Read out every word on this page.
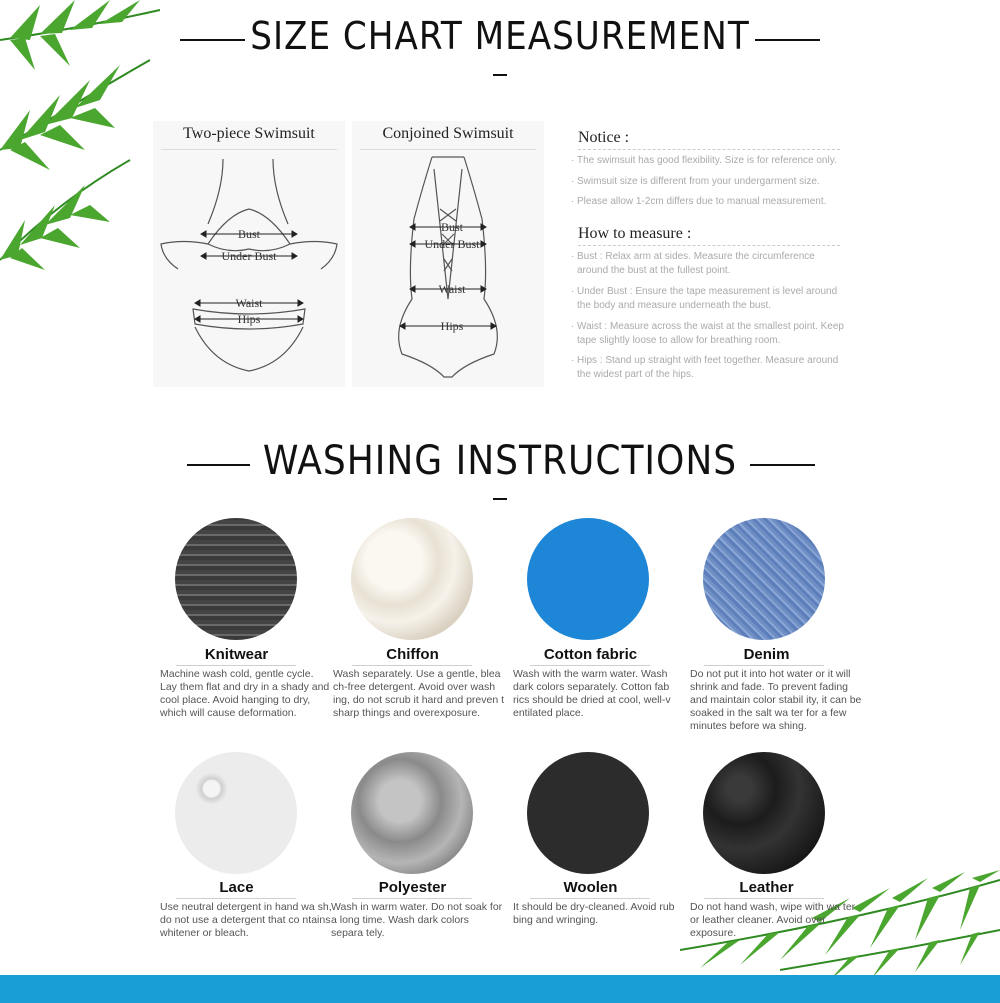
SIZE CHART MEASUREMENT
Two-piece Swimsuit
Bust
Under Bust
Waist
Hips
Conjoined Swimsuit
Bust
Under Bust
Waist
Hips
Notice :
· The swimsuit has good flexibility. Size is for reference only.
· Swimsuit size is different from your undergarment size.
· Please allow 1-2cm differs due to manual measurement.
How to measure :
· Bust : Relax arm at sides. Measure the circumference around the bust at the fullest point.
· Under Bust : Ensure the tape measurement is level around the body and measure underneath the bust.
· Waist : Measure across the waist at the smallest point. Keep tape slightly loose to allow for breathing room.
· Hips : Stand up straight with feet together. Measure around the widest part of the hips.
WASHING INSTRUCTIONS
Knitwear
Machine wash cold, gentle cycle. Lay them flat and dry in a shady and cool place. Avoid hanging to dry, which will cause deformation.
Chiffon
Wash separately. Use a gentle, blea ch-free detergent. Avoid over wash ing, do not scrub it hard and preven t sharp things and overexposure.
Cotton fabric
Wash with the warm water. Wash dark colors separately. Cotton fab rics should be dried at cool, well-v entilated place.
Denim
Do not put it into hot water or it will shrink and fade. To prevent fading and maintain color stabil ity, it can be soaked in the salt wa ter for a few minutes before wa shing.
Lace
Use neutral detergent in hand wa sh, do not use a detergent that co ntains whitener or bleach.
Polyester
Wash in warm water. Do not soak for a long time. Wash dark colors separa tely.
Woolen
It should be dry-cleaned. Avoid rub bing and wringing.
Leather
Do not hand wash, wipe with wa ter or leather cleaner. Avoid over exposure.
